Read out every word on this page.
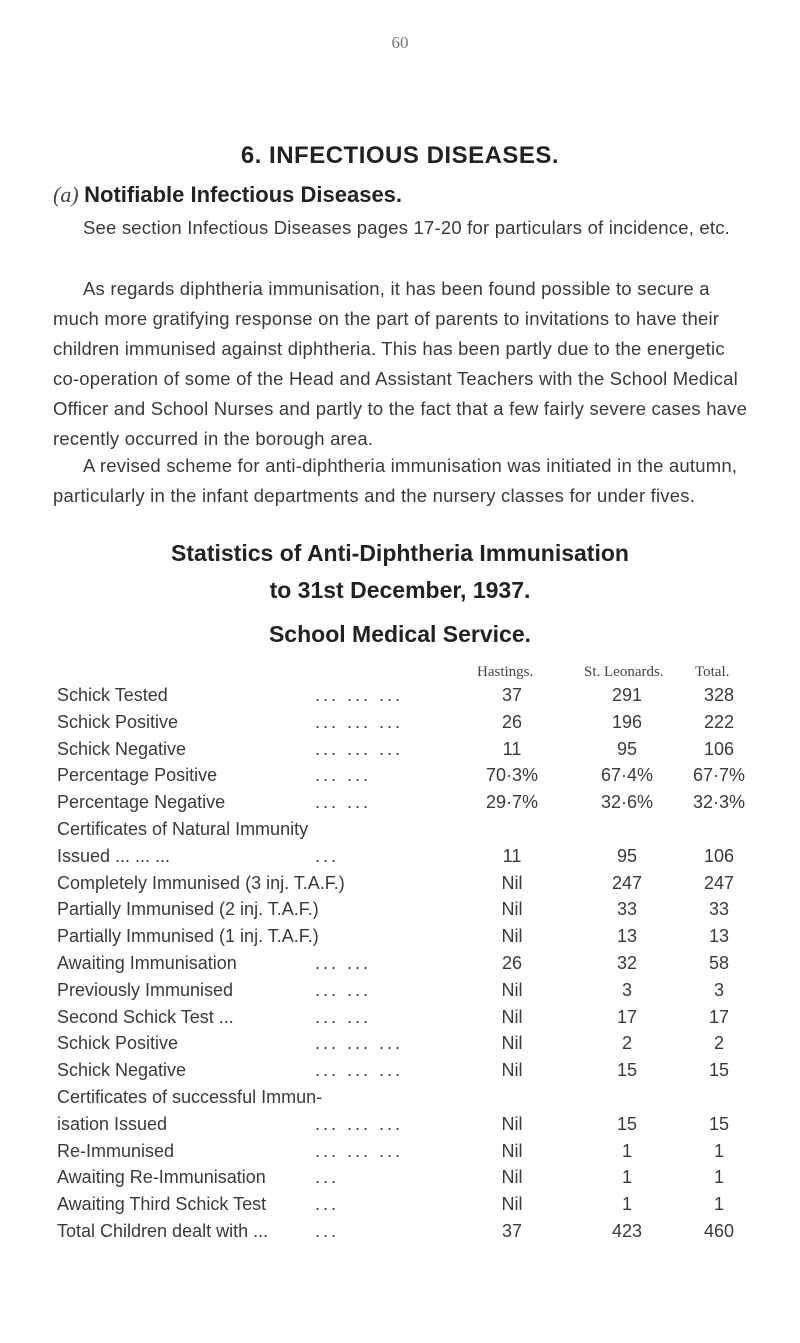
60
6. INFECTIOUS DISEASES.
(a) Notifiable Infectious Diseases.
See section Infectious Diseases pages 17-20 for particulars of incidence, etc.
As regards diphtheria immunisation, it has been found possible to secure a much more gratifying response on the part of parents to invitations to have their children immunised against diphtheria. This has been partly due to the energetic co-operation of some of the Head and Assistant Teachers with the School Medical Officer and School Nurses and partly to the fact that a few fairly severe cases have recently occurred in the borough area.
A revised scheme for anti-diphtheria immunisation was initiated in the autumn, particularly in the infant departments and the nursery classes for under fives.
Statistics of Anti-Diphtheria Immunisation
to 31st December, 1937.
School Medical Service.
Hastings.	St. Leonards. Total.
Schick Tested	... ... ...	37	291	328
Schick Positive	... ... ...	26	196	222
Schick Negative	... ... ...	11	95	106
Percentage Positive	... ...	70·3%	67·4%	67·7%
Percentage Negative	... ...	29·7%	32·6%	32·3%
Certificates of Natural Immunity
Issued ... ... ...	...	11	95	106
Completely Immunised (3 inj. T.A.F.)	Nil	247	247
Partially Immunised (2 inj. T.A.F.)	Nil	33	33
Partially Immunised (1 inj. T.A.F.)	Nil	13	13
Awaiting Immunisation	... ...	26	32	58
Previously Immunised	... ...	Nil	3	3
Second Schick Test ...	... ...	Nil	17	17
Schick Positive	... ... ...	Nil	2	2
Schick Negative	... ... ...	Nil	15	15
Certificates of successful Immun-
isation Issued	... ... ...	Nil	15	15
Re-Immunised	... ... ...	Nil	1	1
Awaiting Re-Immunisation	...	Nil	1	1
Awaiting Third Schick Test	...	Nil	1	1
Total Children dealt with ...	...	37	423	460
